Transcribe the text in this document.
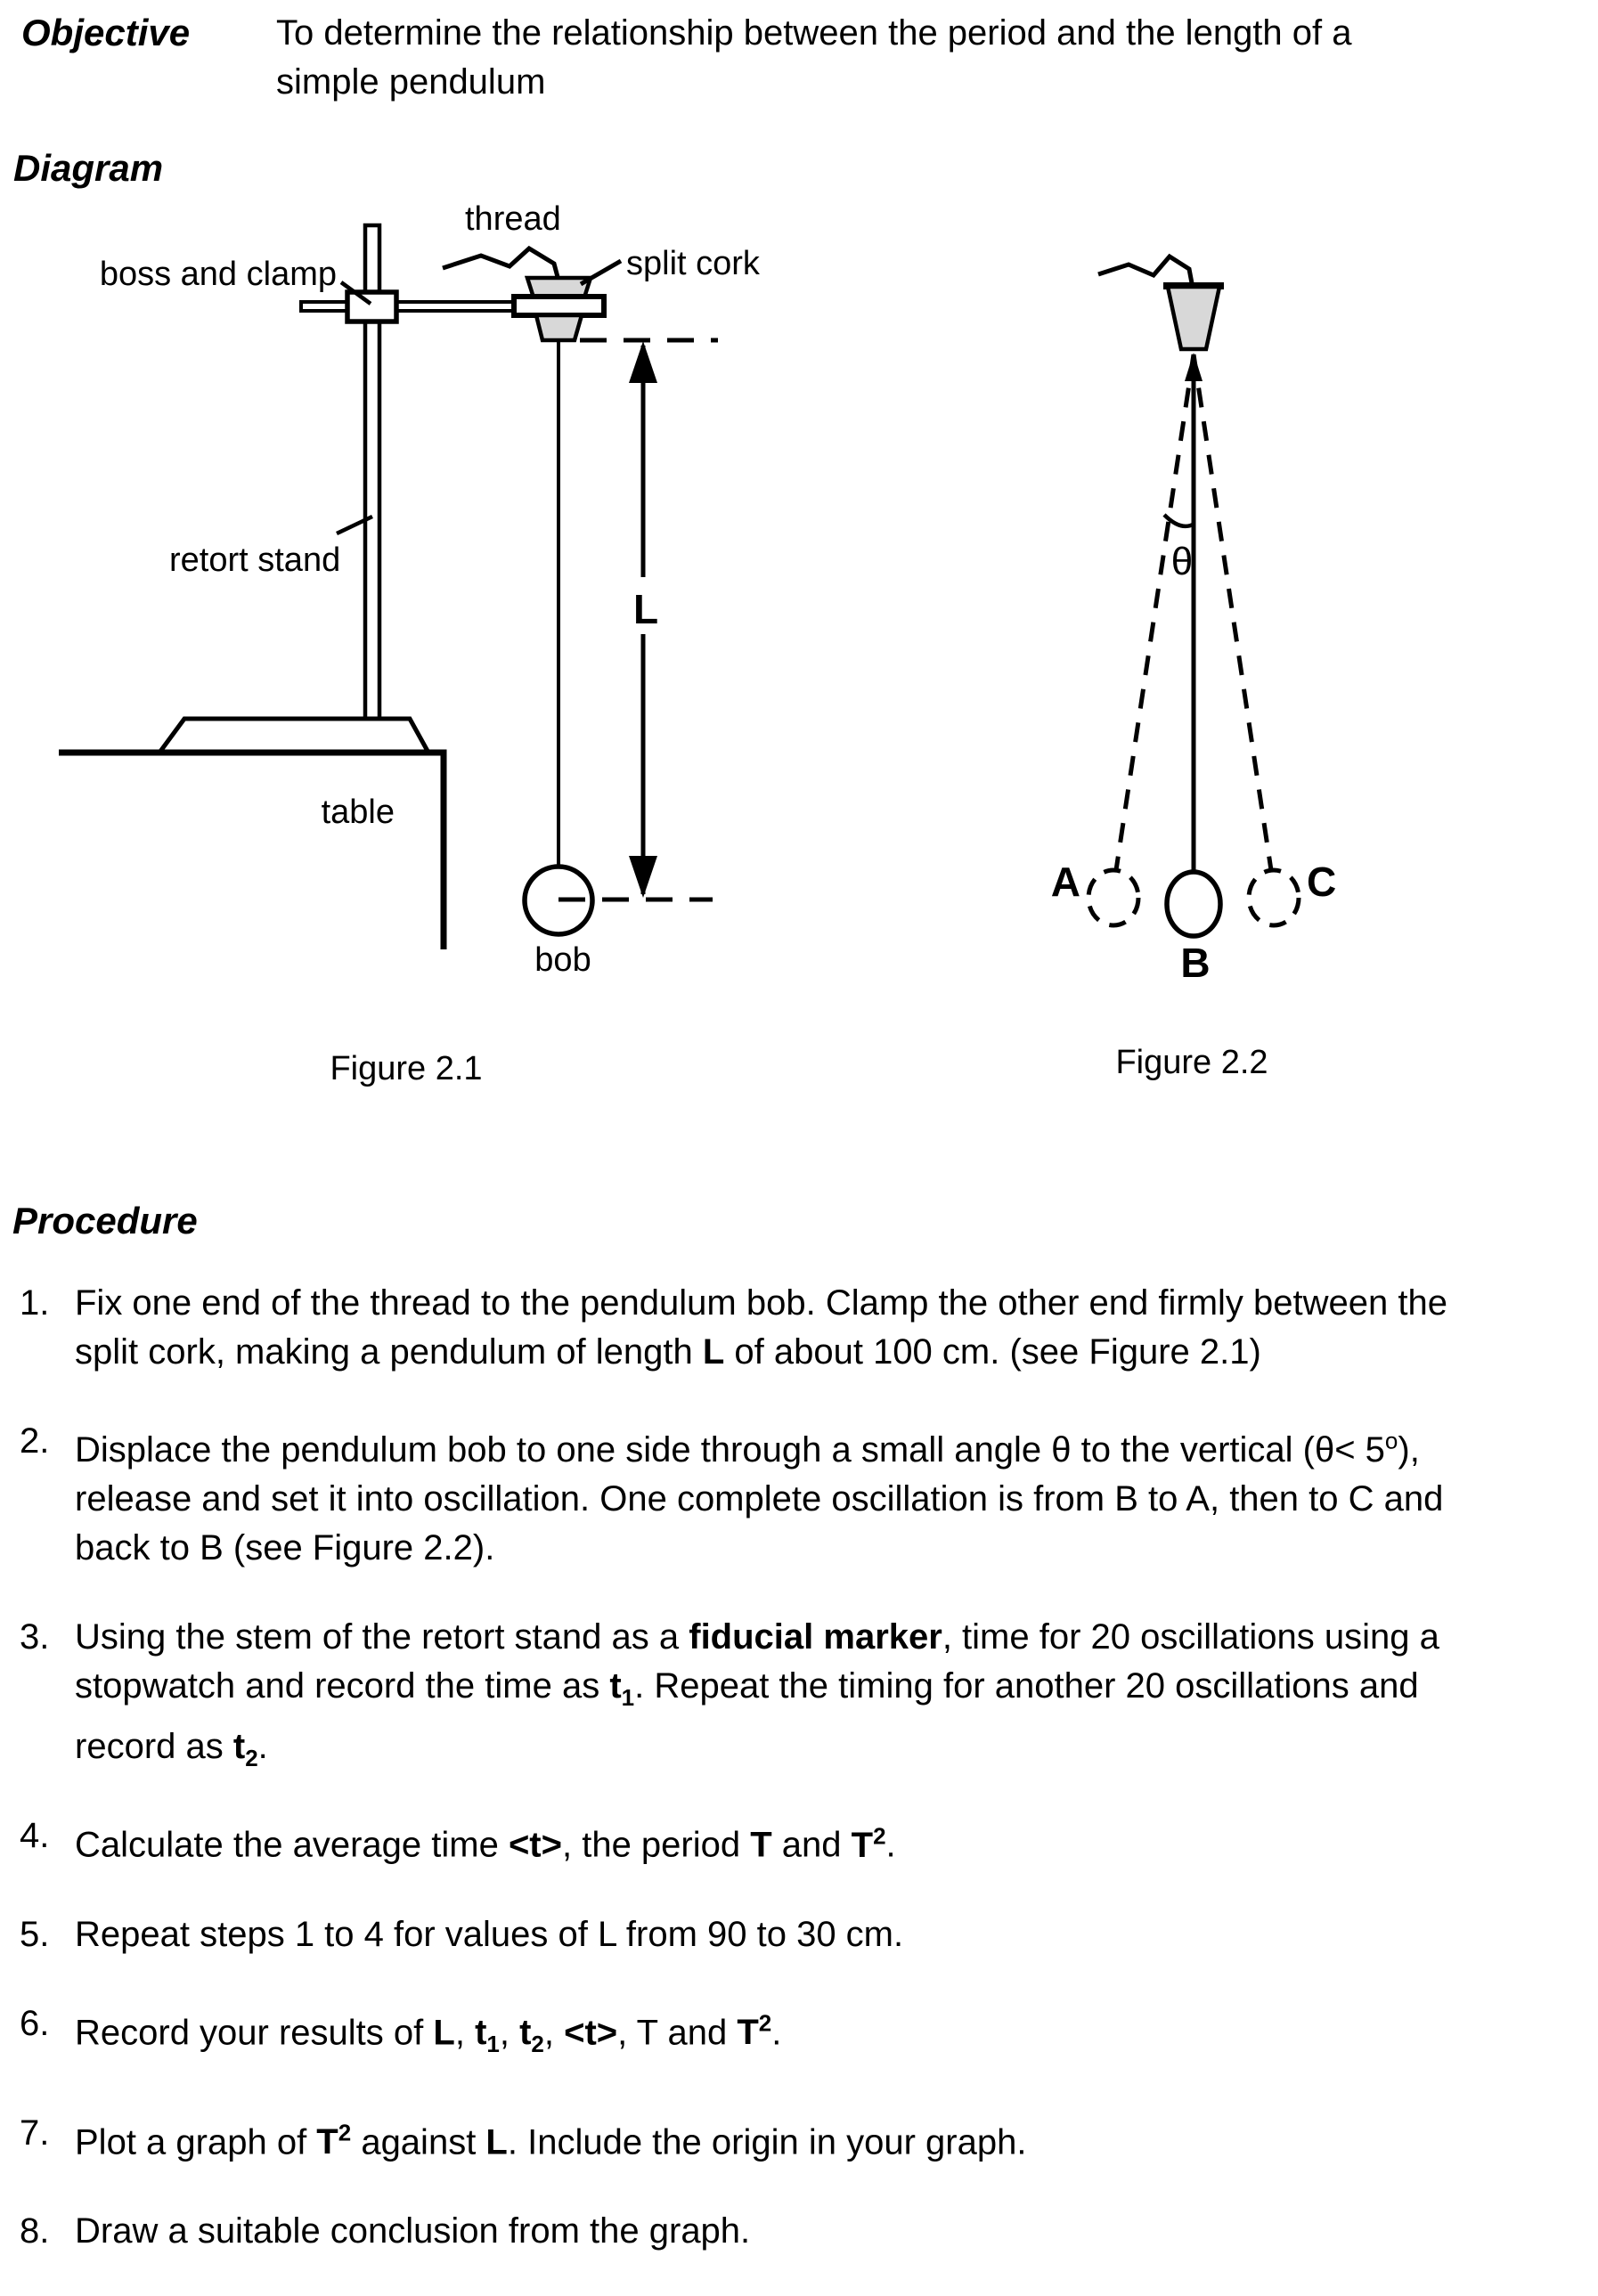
Objective To determine the relationship between the period and the length of a
simple pendulum
Diagram
thread
split cork
boss and clamp
retort stand
table
bob
L
Figure 2.1
θ
A
B
C
Figure 2.2
Procedure
1. Fix one end of the thread to the pendulum bob. Clamp the other end firmly between the
split cork, making a pendulum of length L of about 100 cm. (see Figure 2.1)
2. Displace the pendulum bob to one side through a small angle θ to the vertical $(\theta< 5^o)$,
release and set it into oscillation. One complete oscillation is from B to A, then to C and
back to B (see Figure 2.2).
3. Using the stem of the retort stand as a fiducial marker, time for 20 oscillations using a
stopwatch and record the time as $t_1$. Repeat the timing for another 20 oscillations and
record as $t_2$.
4. Calculate the average time <t>, the period T and $T^2$.
5. Repeat steps 1 to 4 for values of L from 90 to 30 cm.
6. Record your results of L, $t_1$, $t_2$, <t>, T and $T^2$.
7. Plot a graph of $T^2$ against L. Include the origin in your graph.
8. Draw a suitable conclusion from the graph.
